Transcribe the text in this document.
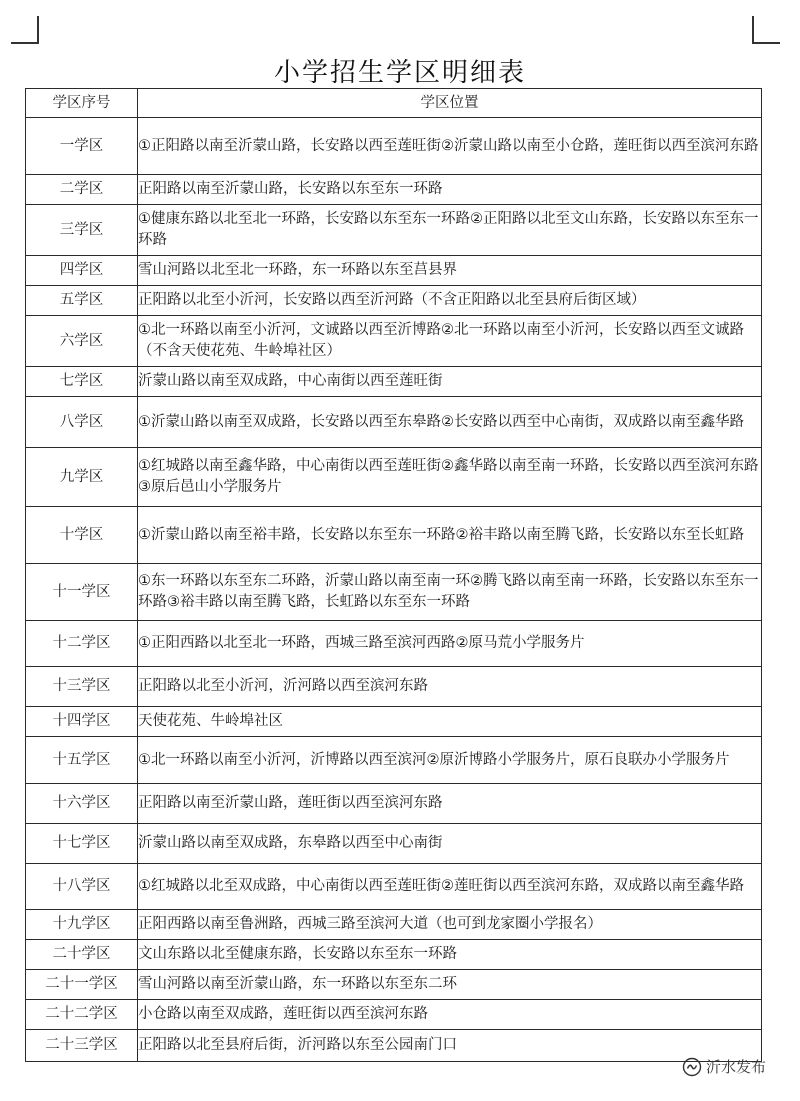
小学招生学区明细表
学区序号	学区位置
一学区	①正阳路以南至沂蒙山路，长安路以西至莲旺街②沂蒙山路以南至小仓路，莲旺街以西至滨河东路
二学区	正阳路以南至沂蒙山路，长安路以东至东一环路
三学区	①健康东路以北至北一环路，长安路以东至东一环路②正阳路以北至文山东路，长安路以东至东一环路
四学区	雪山河路以北至北一环路，东一环路以东至莒县界
五学区	正阳路以北至小沂河，长安路以西至沂河路（不含正阳路以北至县府后街区域）
六学区	①北一环路以南至小沂河，文诚路以西至沂博路②北一环路以南至小沂河，长安路以西至文诚路（不含天使花苑、牛岭埠社区）
七学区	沂蒙山路以南至双成路，中心南街以西至莲旺街
八学区	①沂蒙山路以南至双成路，长安路以西至东皋路②长安路以西至中心南街，双成路以南至鑫华路
九学区	①红城路以南至鑫华路，中心南街以西至莲旺街②鑫华路以南至南一环路，长安路以西至滨河东路③原后邑山小学服务片
十学区	①沂蒙山路以南至裕丰路，长安路以东至东一环路②裕丰路以南至腾飞路，长安路以东至长虹路
十一学区	①东一环路以东至东二环路，沂蒙山路以南至南一环②腾飞路以南至南一环路，长安路以东至东一环路③裕丰路以南至腾飞路，长虹路以东至东一环路
十二学区	①正阳西路以北至北一环路，西城三路至滨河西路②原马荒小学服务片
十三学区	正阳路以北至小沂河，沂河路以西至滨河东路
十四学区	天使花苑、牛岭埠社区
十五学区	①北一环路以南至小沂河，沂博路以西至滨河②原沂博路小学服务片，原石良联办小学服务片
十六学区	正阳路以南至沂蒙山路，莲旺街以西至滨河东路
十七学区	沂蒙山路以南至双成路，东皋路以西至中心南街
十八学区	①红城路以北至双成路，中心南街以西至莲旺街②莲旺街以西至滨河东路，双成路以南至鑫华路
十九学区	正阳西路以南至鲁洲路，西城三路至滨河大道（也可到龙家圈小学报名）
二十学区	文山东路以北至健康东路，长安路以东至东一环路
二十一学区	雪山河路以南至沂蒙山路，东一环路以东至东二环
二十二学区	小仓路以南至双成路，莲旺街以西至滨河东路
二十三学区	正阳路以北至县府后街，沂河路以东至公园南门口
沂水发布
